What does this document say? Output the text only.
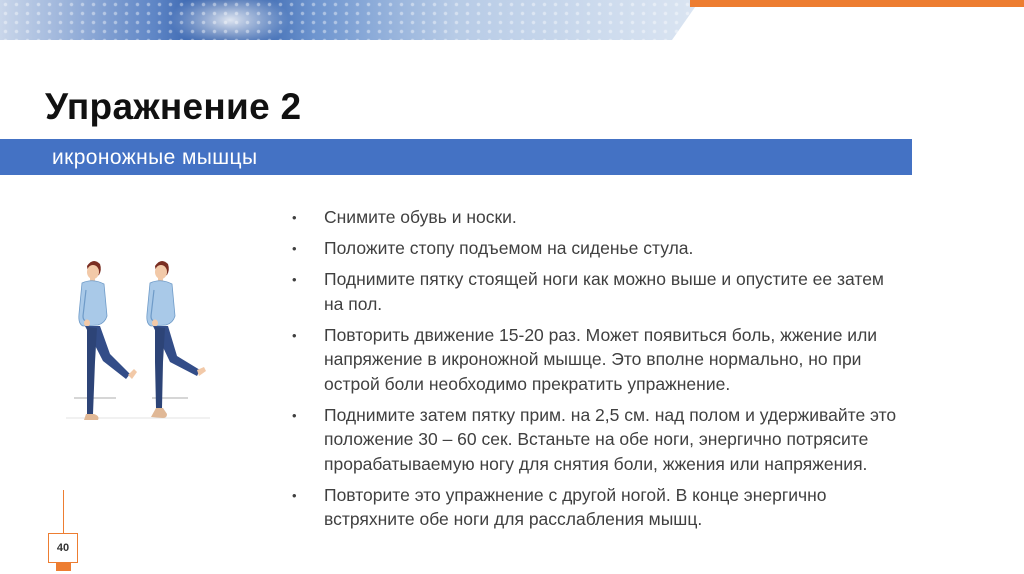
Упражнение 2
икроножные мышцы
• Снимите обувь и носки.
• Положите стопу подъемом на сиденье стула.
• Поднимите пятку стоящей ноги как можно выше и опустите ее затем на пол.
• Повторить движение 15-20 раз. Может появиться боль, жжение или напряжение в икроножной мышце. Это вполне нормально, но при острой боли необходимо прекратить упражнение.
• Поднимите затем пятку прим. на 2,5 см. над полом и удерживайте это положение 30 – 60 сек. Встаньте на обе ноги, энергично потрясите прорабатываемую ногу для снятия боли, жжения или напряжения.
• Повторите это упражнение с другой ногой. В конце энергично встряхните обе ноги для расслабления мышц.
40
